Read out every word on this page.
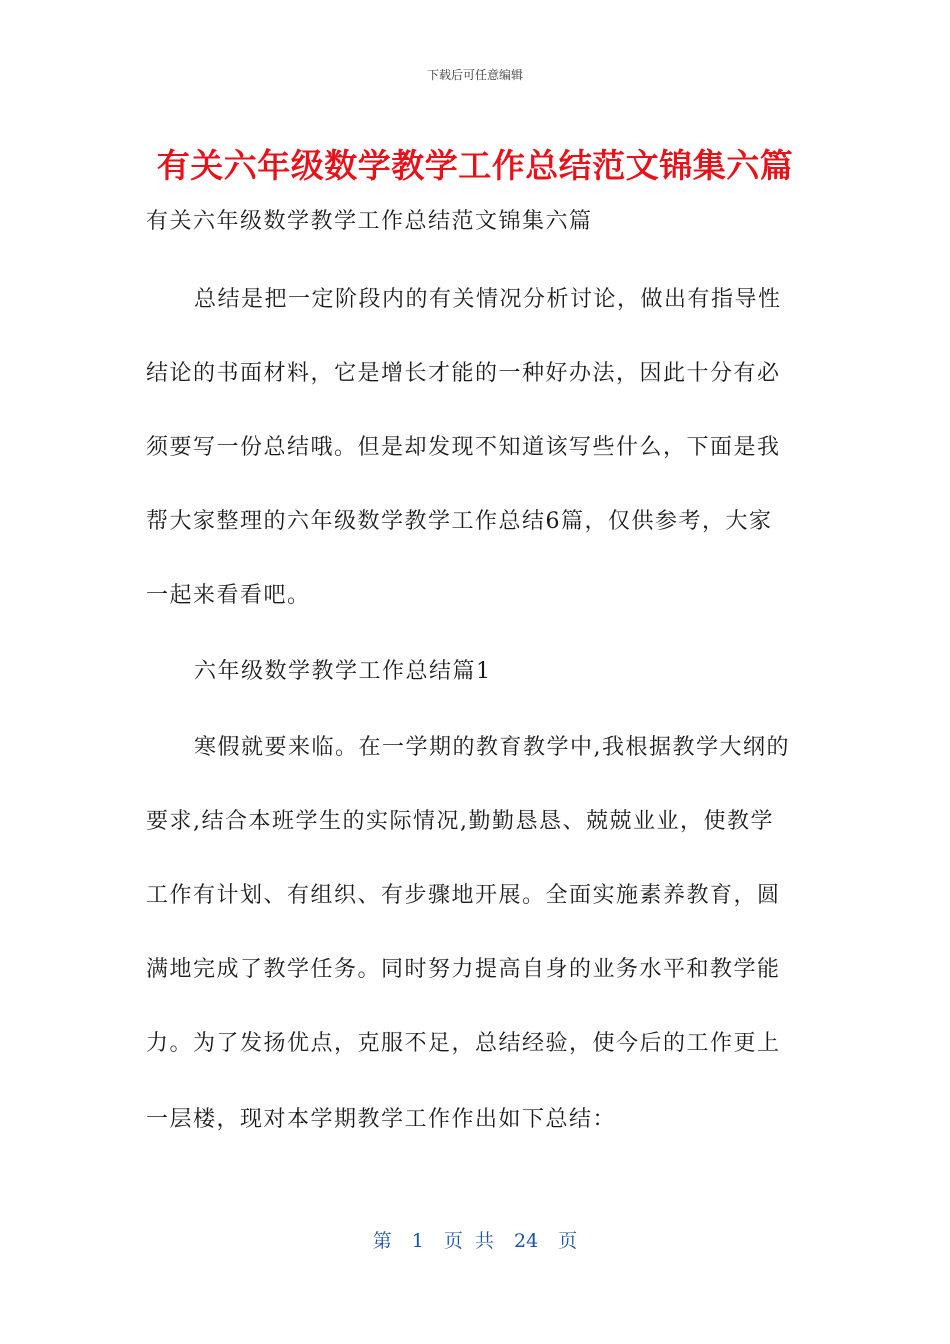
下载后可任意编辑
有关六年级数学教学工作总结范文锦集六篇
有关六年级数学教学工作总结范文锦集六篇
总结是把一定阶段内的有关情况分析讨论，做出有指导性
结论的书面材料，它是增长才能的一种好办法，因此十分有必
须要写一份总结哦。但是却发现不知道该写些什么，下面是我
帮大家整理的六年级数学教学工作总结6篇，仅供参考，大家
一起来看看吧。
六年级数学教学工作总结篇1
寒假就要来临。在一学期的教育教学中,我根据教学大纲的
要求,结合本班学生的实际情况,勤勤恳恳、兢兢业业，使教学
工作有计划、有组织、有步骤地开展。全面实施素养教育，圆
满地完成了教学任务。同时努力提高自身的业务水平和教学能
力。为了发扬优点，克服不足，总结经验，使今后的工作更上
一层楼，现对本学期教学工作作出如下总结：
第 1 页 共 24 页
